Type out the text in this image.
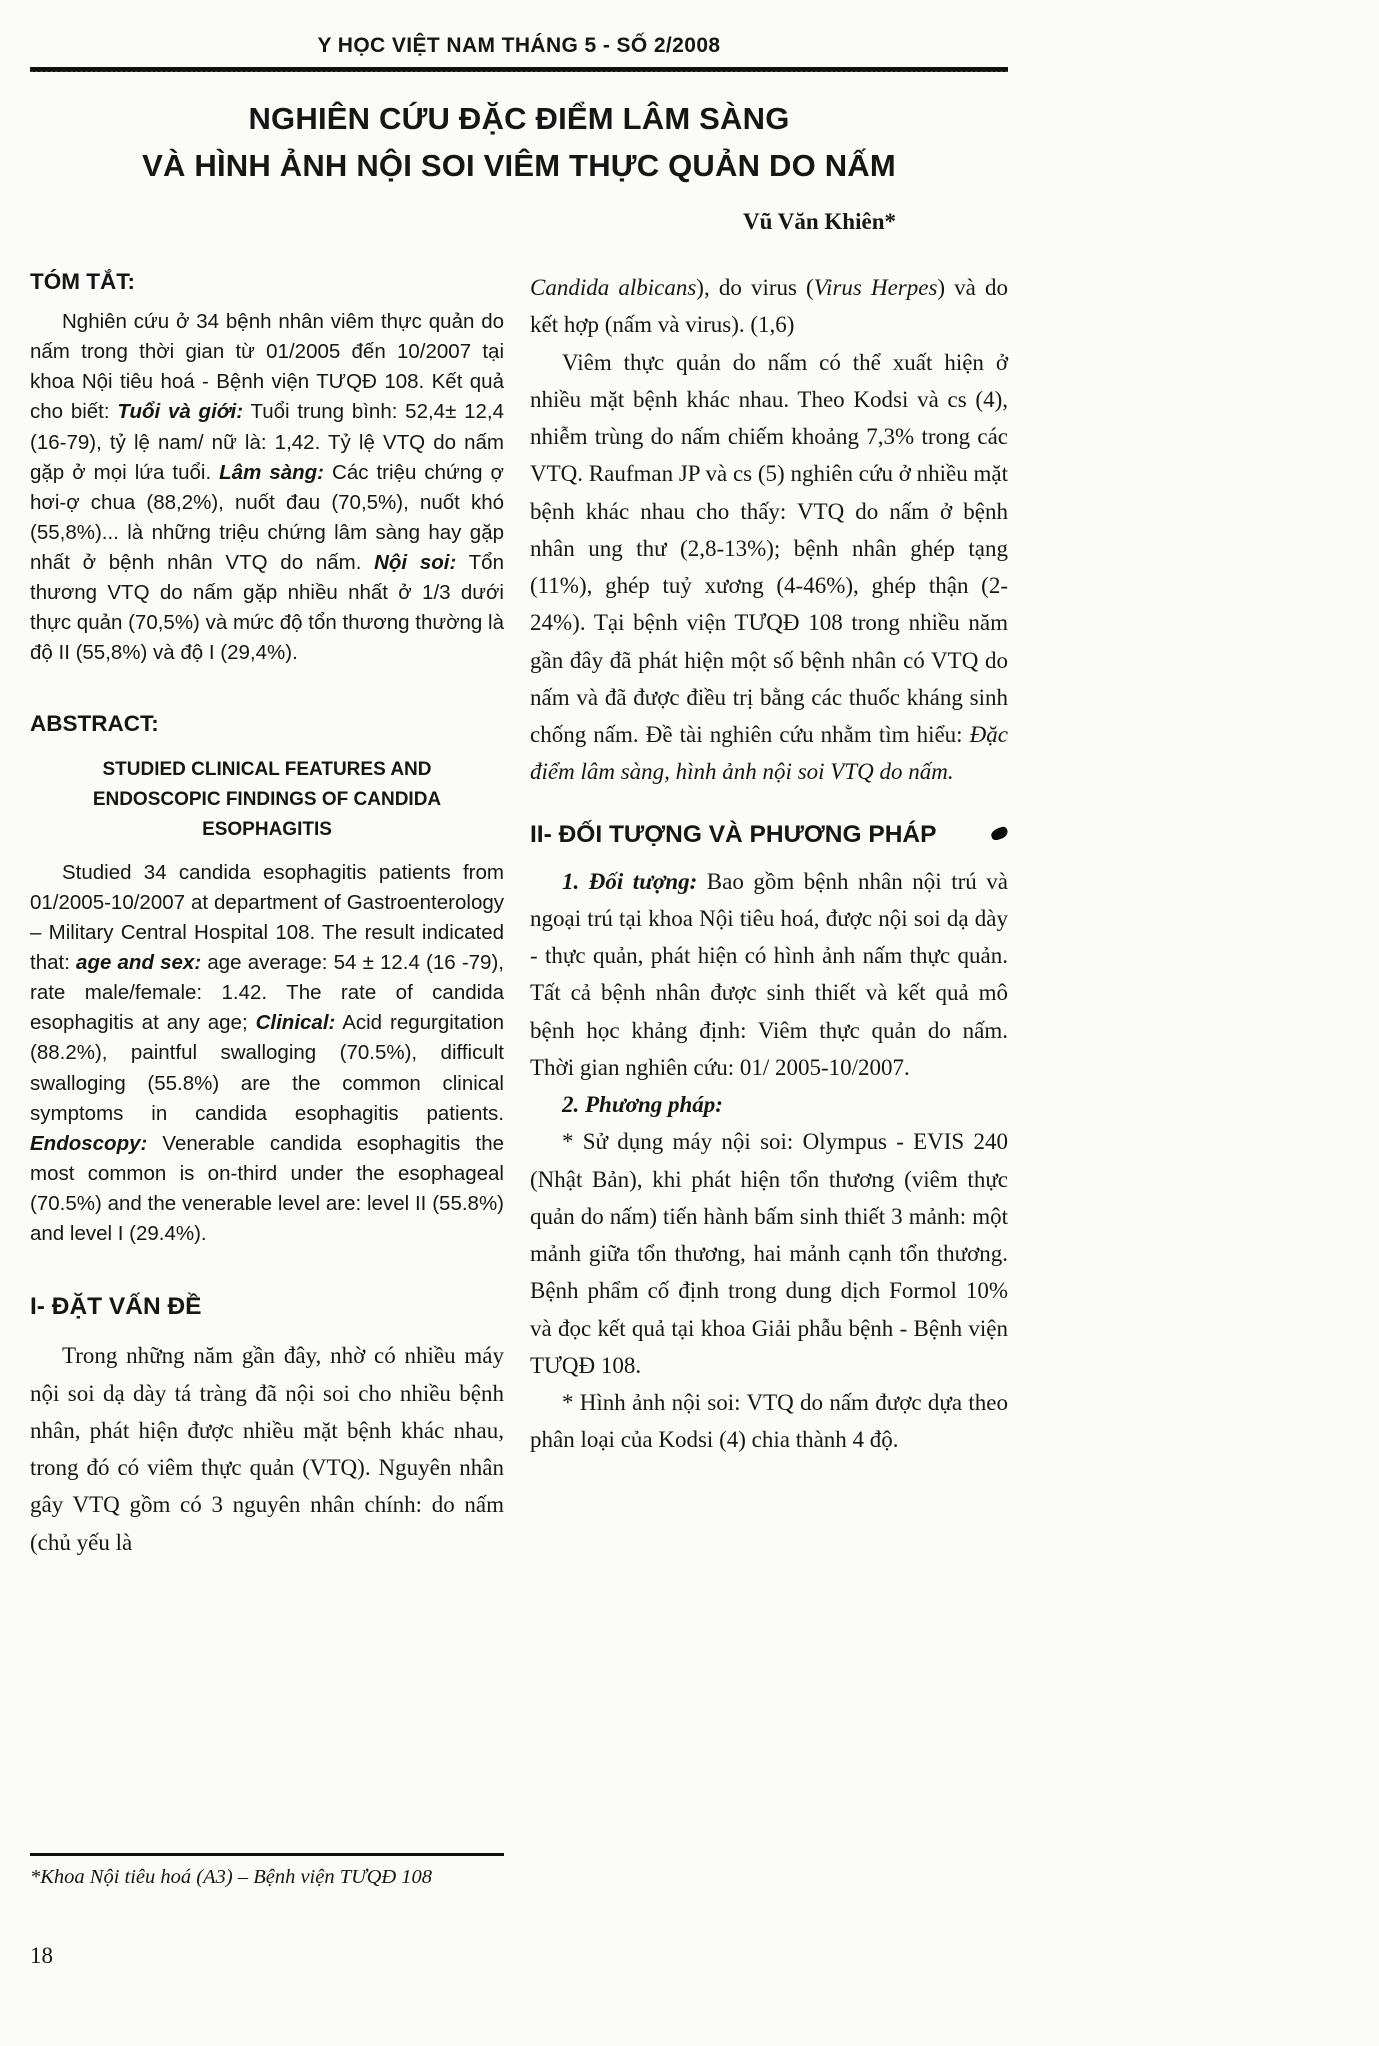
Y HỌC VIỆT NAM THÁNG 5 - SỐ 2/2008
NGHIÊN CỨU ĐẶC ĐIỂM LÂM SÀNG
VÀ HÌNH ẢNH NỘI SOI VIÊM THỰC QUẢN DO NẤM
Vũ Văn Khiên*
TÓM TẮT:

Nghiên cứu ở 34 bệnh nhân viêm thực quản do nấm trong thời gian từ 01/2005 đến 10/2007 tại khoa Nội tiêu hoá - Bệnh viện TƯQĐ 108. Kết quả cho biết: Tuổi và giới: Tuổi trung bình: 52,4± 12,4 (16-79), tỷ lệ nam/ nữ là: 1,42. Tỷ lệ VTQ do nấm gặp ở mọi lứa tuổi. Lâm sàng: Các triệu chứng ợ hơi-ợ chua (88,2%), nuốt đau (70,5%), nuốt khó (55,8%)... là những triệu chứng lâm sàng hay gặp nhất ở bệnh nhân VTQ do nấm. Nội soi: Tổn thương VTQ do nấm gặp nhiều nhất ở 1/3 dưới thực quản (70,5%) và mức độ tổn thương thường là độ II (55,8%) và độ I (29,4%).

ABSTRACT:
STUDIED CLINICAL FEATURES AND ENDOSCOPIC FINDINGS OF CANDIDA ESOPHAGITIS

Studied 34 candida esophagitis patients from 01/2005-10/2007 at department of Gastroenterology – Military Central Hospital 108. The result indicated that: age and sex: age average: 54 ± 12.4 (16 -79), rate male/female: 1.42. The rate of candida esophagitis at any age; Clinical: Acid regurgitation (88.2%), paintful swalloging (70.5%), difficult swalloging (55.8%) are the common clinical symptoms in candida esophagitis patients. Endoscopy: Venerable candida esophagitis the most common is on-third under the esophageal (70.5%) and the venerable level are: level II (55.8%) and level I (29.4%).

I- ĐẶT VẤN ĐỀ

Trong những năm gần đây, nhờ có nhiều máy nội soi dạ dày tá tràng đã nội soi cho nhiều bệnh nhân, phát hiện được nhiều mặt bệnh khác nhau, trong đó có viêm thực quản (VTQ). Nguyên nhân gây VTQ gồm có 3 nguyên nhân chính: do nấm (chủ yếu là

*Khoa Nội tiêu hoá (A3) – Bệnh viện TƯQĐ 108
18

Candida albicans), do virus (Virus Herpes) và do kết hợp (nấm và virus). (1,6)

Viêm thực quản do nấm có thể xuất hiện ở nhiều mặt bệnh khác nhau. Theo Kodsi và cs (4), nhiễm trùng do nấm chiếm khoảng 7,3% trong các VTQ. Raufman JP và cs (5) nghiên cứu ở nhiều mặt bệnh khác nhau cho thấy: VTQ do nấm ở bệnh nhân ung thư (2,8-13%); bệnh nhân ghép tạng (11%), ghép tuỷ xương (4-46%), ghép thận (2-24%). Tại bệnh viện TƯQĐ 108 trong nhiều năm gần đây đã phát hiện một số bệnh nhân có VTQ do nấm và đã được điều trị bằng các thuốc kháng sinh chống nấm. Đề tài nghiên cứu nhằm tìm hiểu: Đặc điểm lâm sàng, hình ảnh nội soi VTQ do nấm.

II- ĐỐI TƯỢNG VÀ PHƯƠNG PHÁP

1. Đối tượng: Bao gồm bệnh nhân nội trú và ngoại trú tại khoa Nội tiêu hoá, được nội soi dạ dày - thực quản, phát hiện có hình ảnh nấm thực quản. Tất cả bệnh nhân được sinh thiết và kết quả mô bệnh học khảng định: Viêm thực quản do nấm. Thời gian nghiên cứu: 01/ 2005-10/2007.

2. Phương pháp:

* Sử dụng máy nội soi: Olympus - EVIS 240 (Nhật Bản), khi phát hiện tổn thương (viêm thực quản do nấm) tiến hành bấm sinh thiết 3 mảnh: một mảnh giữa tổn thương, hai mảnh cạnh tổn thương. Bệnh phẩm cố định trong dung dịch Formol 10% và đọc kết quả tại khoa Giải phẫu bệnh - Bệnh viện TƯQĐ 108.

* Hình ảnh nội soi: VTQ do nấm được dựa theo phân loại của Kodsi (4) chia thành 4 độ.
